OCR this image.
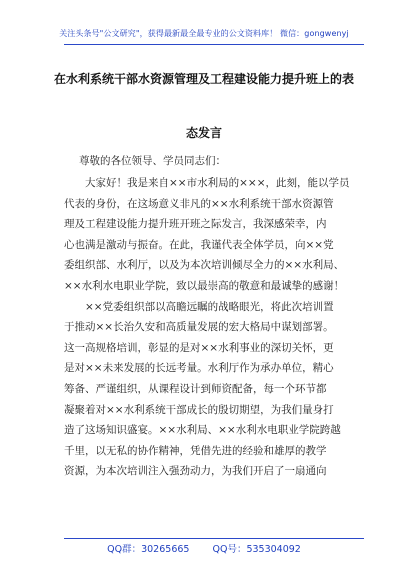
关注头条号"公文研究"，获得最新最全最专业的公文资料库！ 微信：gongwenyj
在水利系统干部水资源管理及工程建设能力提升班上的表
态发言
尊敬的各位领导、学员同志们：
　　大家好！我是来自××市水利局的×××，此刻，能以学员
代表的身份，在这场意义非凡的××水利系统干部水资源管
理及工程建设能力提升班开班之际发言，我深感荣幸，内
心也满是激动与振奋。在此，我谨代表全体学员，向××党
委组织部、水利厅，以及为本次培训倾尽全力的××水利局、
××水利水电职业学院，致以最崇高的敬意和最诚挚的感谢！
　　××党委组织部以高瞻远瞩的战略眼光，将此次培训置
于推动××长治久安和高质量发展的宏大格局中谋划部署。
这一高规格培训，彰显的是对××水利事业的深切关怀，更
是对××未来发展的长远考量。水利厅作为承办单位，精心
筹备、严谨组织，从课程设计到师资配备，每一个环节都
凝聚着对××水利系统干部成长的殷切期望，为我们量身打
造了这场知识盛宴。××水利局、××水利水电职业学院跨越
千里，以无私的协作精神，凭借先进的经验和雄厚的教学
资源，为本次培训注入强劲动力，为我们开启了一扇通向
QQ群：30265665 QQ号：535304092
